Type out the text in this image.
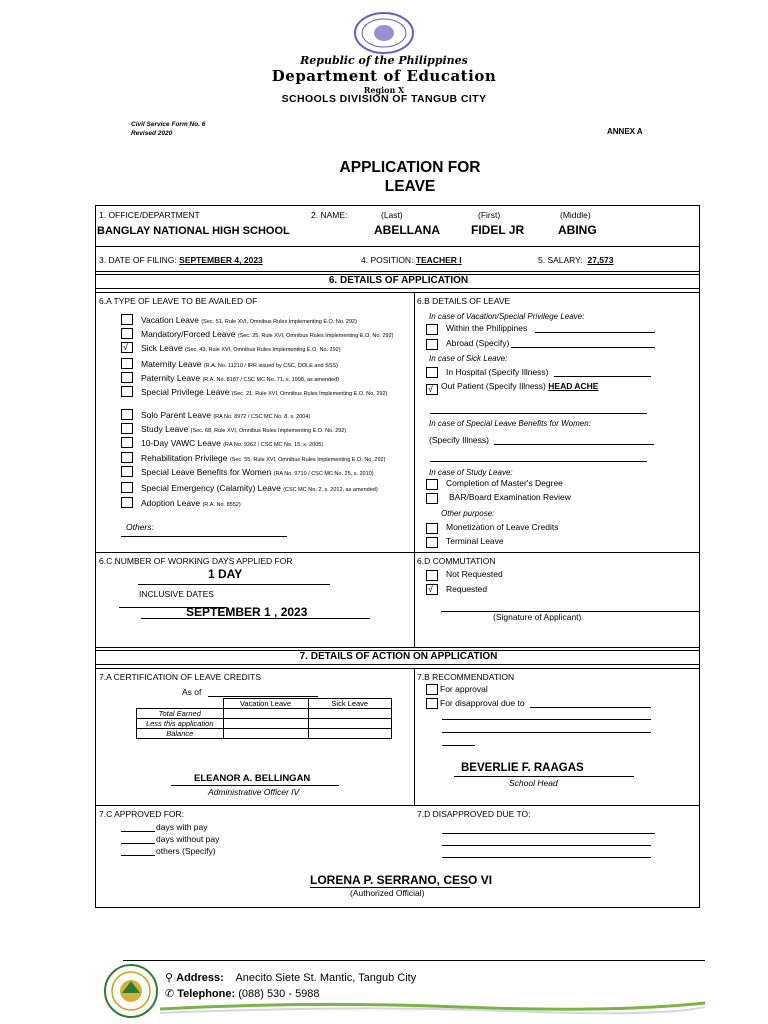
Republic of the Philippines
Department of Education
Region X
SCHOOLS DIVISION OF TANGUB CITY
Civil Service Form No. 6
Revised 2020	ANNEX A
APPLICATION FOR
LEAVE
1. OFFICE/DEPARTMENT
BANGLAY NATIONAL HIGH SCHOOL
2. NAME:	(Last)	(First)	(Middle)
ABELLANA	FIDEL JR	ABING
3. DATE OF FILING: SEPTEMBER 4, 2023	4. POSITION: TEACHER I	5. SALARY: 27,573
6. DETAILS OF APPLICATION
6.A TYPE OF LEAVE TO BE AVAILED OF
Others:
6.B DETAILS OF LEAVE
In case of Vacation/Special Privilege Leave:
Within the Philippines
Abroad (Specify)
In case of Sick Leave:
In Hospital (Specify Illness)
√ Out Patient (Specify Illness) HEAD ACHE
In case of Special Leave Benefits for Women:
(Specify Illness)
In case of Study Leave:
Completion of Master's Degree
BAR/Board Examination Review
Other purpose:
Monetization of Leave Credits
Terminal Leave
6.C NUMBER OF WORKING DAYS APPLIED FOR
1 DAY
INCLUSIVE DATES
SEPTEMBER 1 , 2023
6.D COMMUTATION
Not Requested
√ Requested
(Signature of Applicant)
7. DETAILS OF ACTION ON APPLICATION
7.A CERTIFICATION OF LEAVE CREDITS
As of
ELEANOR A. BELLINGAN
Administrative Officer IV
7.B RECOMMENDATION
For approval
For disapproval due to
BEVERLIE F. RAAGAS
School Head
7.C APPROVED FOR:
days with pay
days without pay
others (Specify)
7.D DISAPPROVED DUE TO:
LORENA P. SERRANO, CESO VI
(Authorized Official)
Vacation Leave (Sec. 51, Rule XVI, Omnibus Rules Implementing E.O. No. 292)
Mandatory/Forced Leave (Sec. 25, Rule XVI, Omnibus Rules Implementing E.O. No. 292)
√ Sick Leave (Sec. 43, Rule XVI, Omnibus Rules Implementing E.O. No. 292)
Maternity Leave (R.A. No. 11210 / IRR issued by CSC, DOLE and SSS)
Paternity Leave (R.A. No. 8187 / CSC MC No. 71, s. 1998, as amended)
Special Privilege Leave (Sec. 21, Rule XVI, Omnibus Rules Implementing E.O. No. 292)
Solo Parent Leave (RA No. 8972 / CSC MC No. 8, s. 2004)
Study Leave (Sec. 68, Rule XVI, Omnibus Rules Implementing E.O. No. 292)
10-Day VAWC Leave (RA No. 9262 / CSC MC No. 15, s. 2005)
Rehabilitation Privilege (Sec. 55, Rule XVI, Omnibus Rules Implementing E.O. No. 292)
Special Leave Benefits for Women (RA No. 9710 / CSC MC No. 25, s. 2010)
Special Emergency (Calamity) Leave (CSC MC No. 2, s. 2012, as amended)
Adoption Leave (R.A. No. 8552)
	Vacation Leave	Sick Leave
Total Earned		
Less this application		
Balance		
⚲ Address: Anecito Siete St. Mantic, Tangub City
✆ Telephone: (088) 530 - 5988
